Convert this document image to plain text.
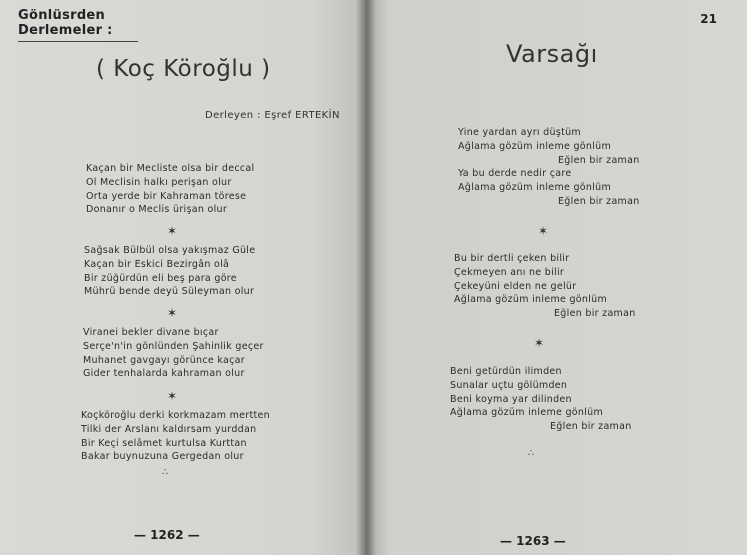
Gönlüsrden Derlemeler :
( Koç Köroğlu )
Derleyen : Eşref ERTEKİN
Kaçan bir Mecliste olsa bir deccal
Ol Meclisin halkı perişan olur
Orta yerde bir Kahraman törese
Donanır o Meclis ürişan olur
✶
Sağsak Bülbül olsa yakışmaz Güle
Kaçan bir Eskici Bezirgân olâ
Bir züğürdün eli beş para göre
Mührü bende deyü Süleyman olur
✶
Viranei bekler divane bıçar
Serçe'n'in gönlünden Şahinlik geçer
Muhanet gavgayı görünce kaçar
Gider tenhalarda kahraman olur
✶
Koçköroğlu derki korkmazam mertten
Tilki der Arslanı kaldırsam yurddan
Bir Keçi selâmet kurtulsa Kurttan
Bakar buynuzuna Gergedan olur
∴
— 1262 —
21
Varsağı
Yine yardan ayrı düştüm
Ağlama gözüm inleme gönlüm
Eğlen bir zaman
Ya bu derde nedir çare
Ağlama gözüm inleme gönlüm
Eğlen bir zaman
✶
Bu bir dertli çeken bilir
Çekmeyen anı ne bilir
Çekeyüni elden ne gelür
Ağlama gözüm inleme gönlüm
Eğlen bir zaman
✶
Beni getürdün ilimden
Sunalar uçtu gölümden
Beni koyma yar dilinden
Ağlama gözüm inleme gönlüm
Eğlen bir zaman
∴
— 1263 —
